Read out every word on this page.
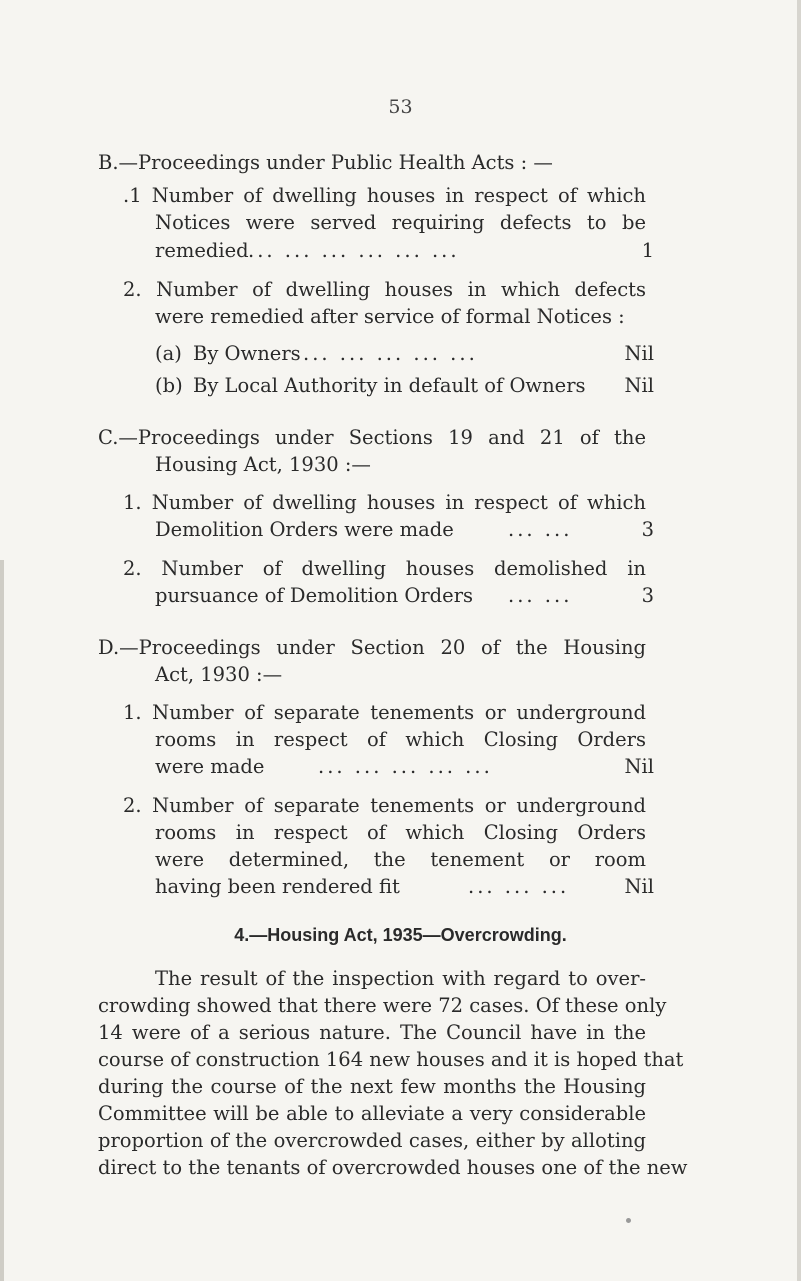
53
B.—Proceedings under Public Health Acts : —
.1 Number of dwelling houses in respect of which
Notices were served requiring defects to be
remedied ... ... ... ... ... ...	1
2. Number of dwelling houses in which defects
were remedied after service of formal Notices :
(a) By Owners ... ... ... ... ...	Nil
(b) By Local Authority in default of Owners	Nil
C.—Proceedings under Sections 19 and 21 of the
Housing Act, 1930 :—
1. Number of dwelling houses in respect of which
Demolition Orders were made	... ...	3
2. Number of dwelling houses demolished in
pursuance of Demolition Orders ... ...	3
D.—Proceedings under Section 20 of the Housing
Act, 1930 :—
1. Number of separate tenements or underground
rooms in respect of which Closing Orders
were made	... ... ... ... ...	Nil
2. Number of separate tenements or underground
rooms in respect of which Closing Orders
were determined, the tenement or room
having been rendered fit	... ... ...	Nil
4.—Housing Act, 1935—Overcrowding.
The result of the inspection with regard to over-
crowding showed that there were 72 cases. Of these only
14 were of a serious nature. The Council have in the
course of construction 164 new houses and it is hoped that
during the course of the next few months the Housing
Committee will be able to alleviate a very considerable
proportion of the overcrowded cases, either by alloting
direct to the tenants of overcrowded houses one of the new
